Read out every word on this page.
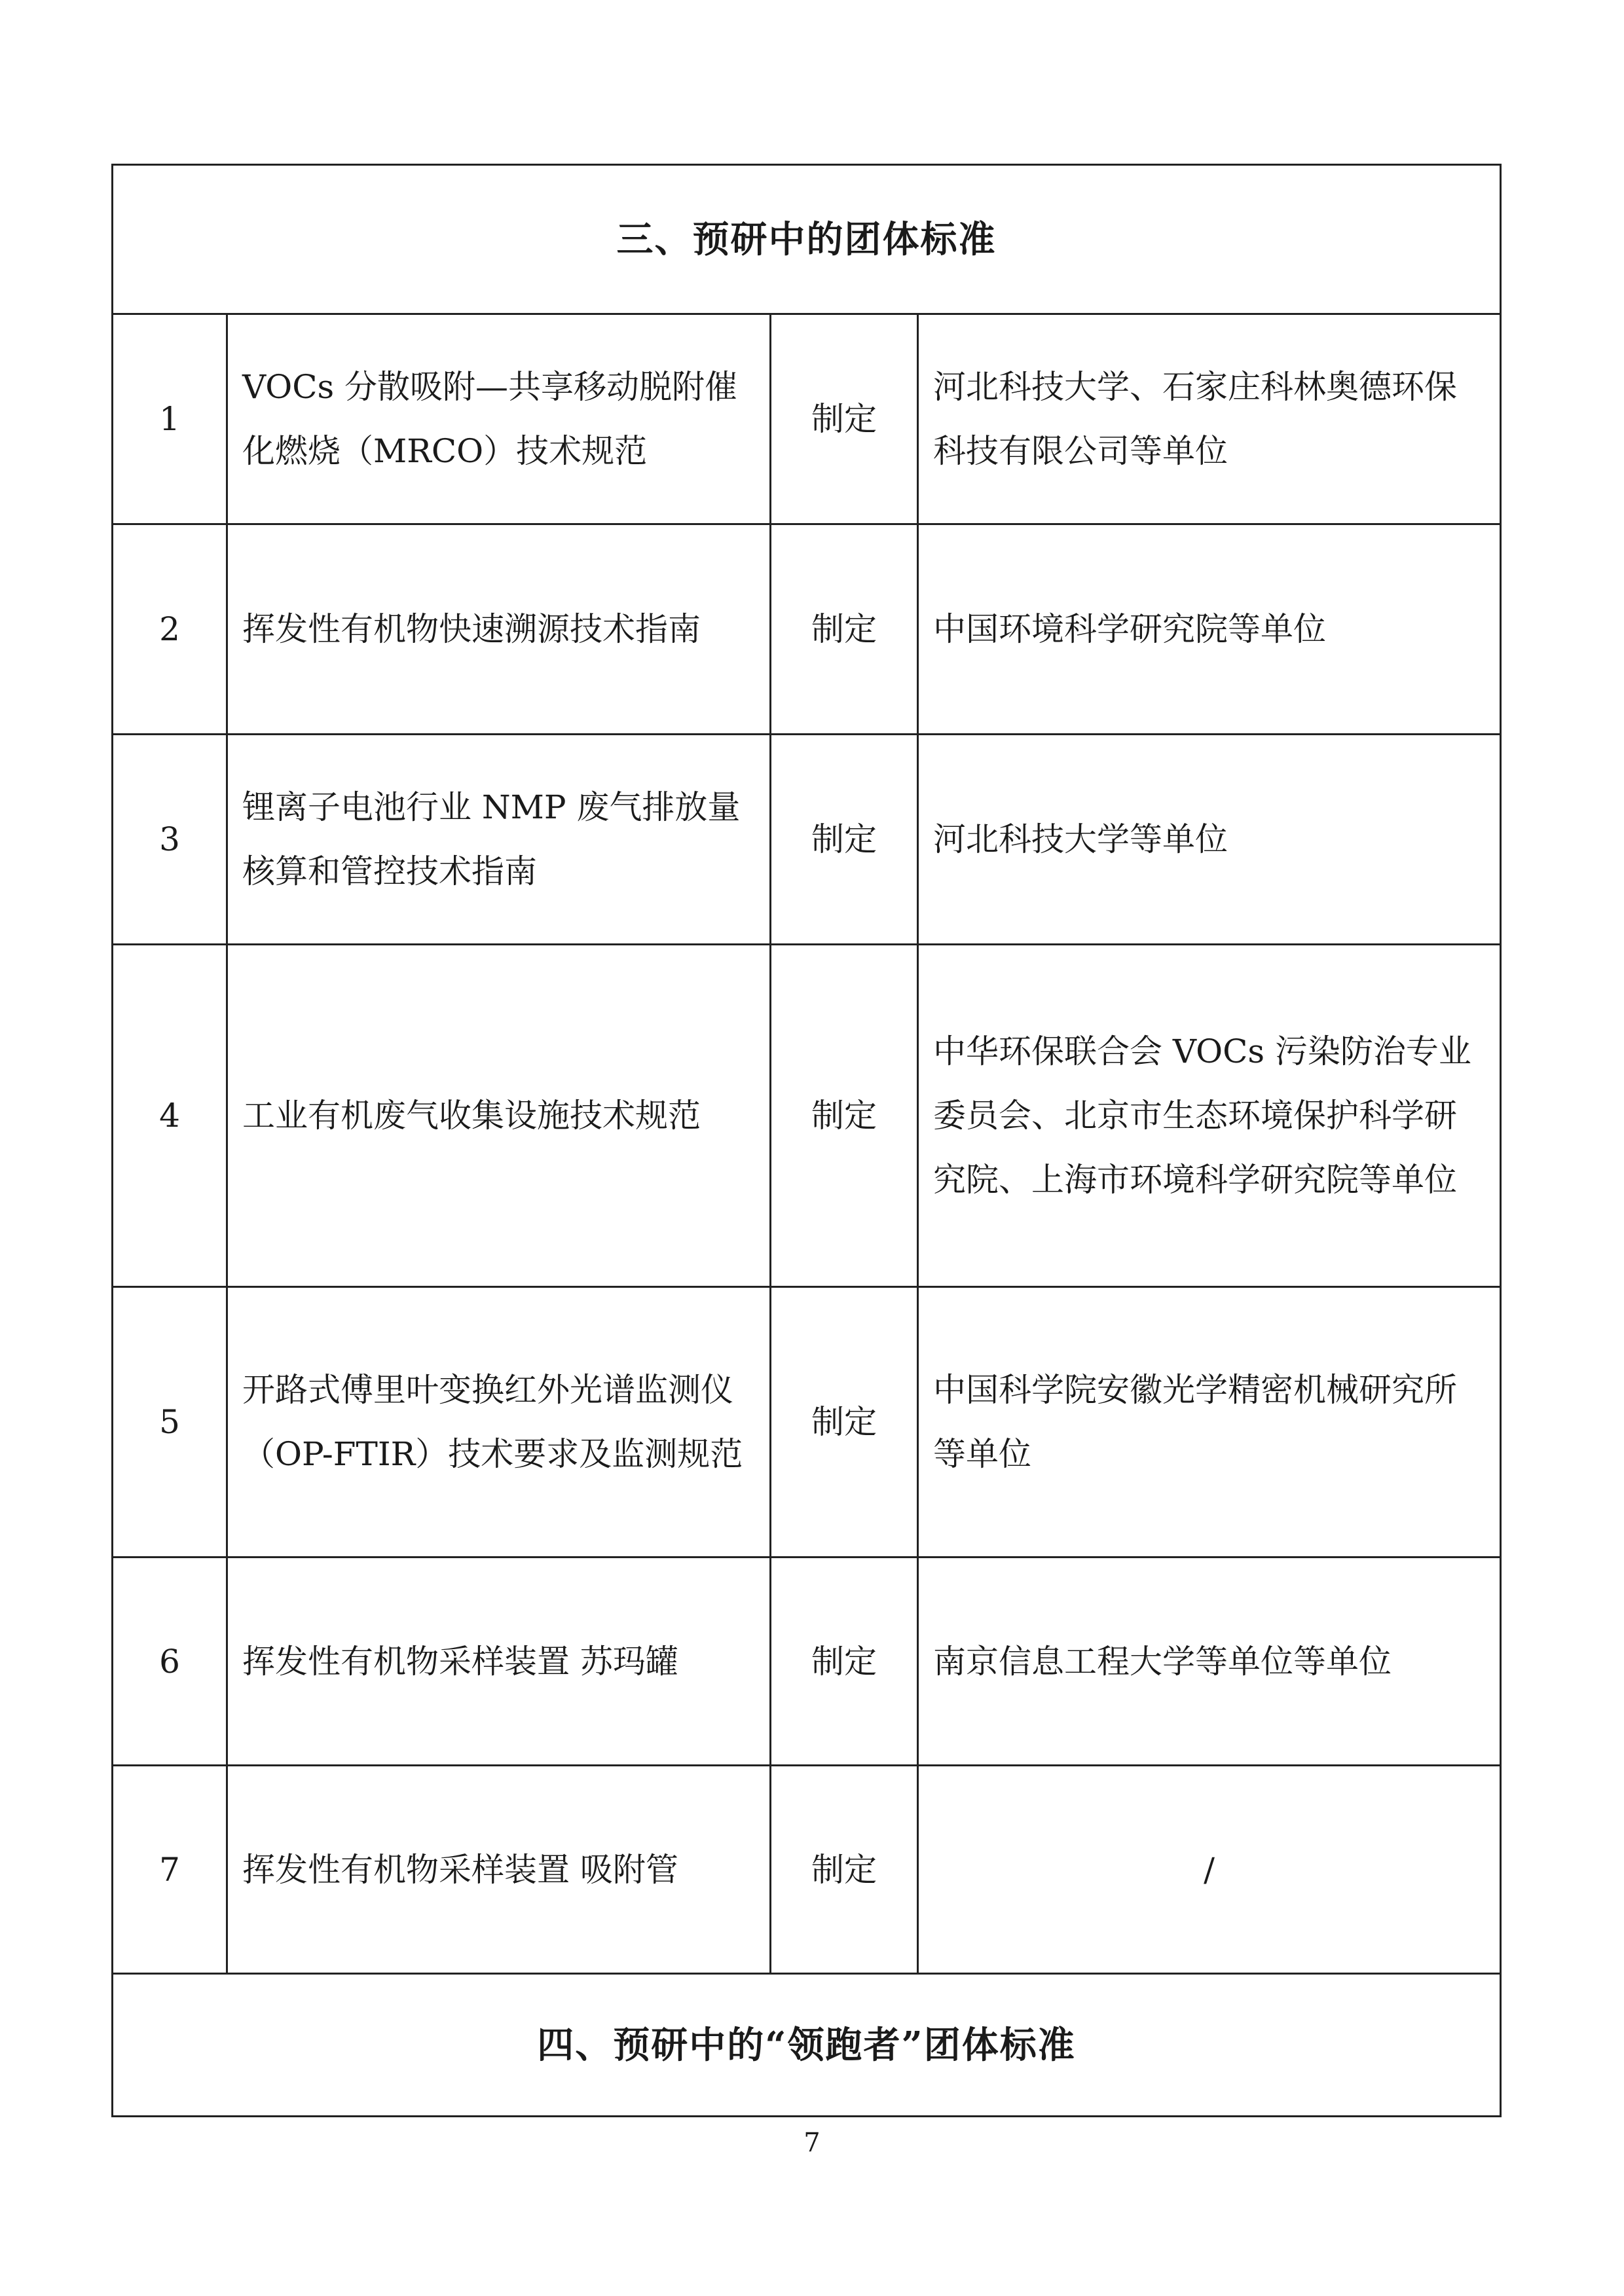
三、预研中的团体标准			
1	VOCs 分散吸附—共享移动脱附催化燃烧（MRCO）技术规范	制定	河北科技大学、石家庄科林奥德环保科技有限公司等单位
2	挥发性有机物快速溯源技术指南	制定	中国环境科学研究院等单位
3	锂离子电池行业 NMP 废气排放量核算和管控技术指南	制定	河北科技大学等单位
4	工业有机废气收集设施技术规范	制定	中华环保联合会 VOCs 污染防治专业委员会、北京市生态环境保护科学研究院、上海市环境科学研究院等单位
5	开路式傅里叶变换红外光谱监测仪（OP-FTIR）技术要求及监测规范	制定	中国科学院安徽光学精密机械研究所等单位
6	挥发性有机物采样装置 苏玛罐	制定	南京信息工程大学等单位等单位
7	挥发性有机物采样装置 吸附管	制定	/
四、预研中的“领跑者”团体标准			
7
